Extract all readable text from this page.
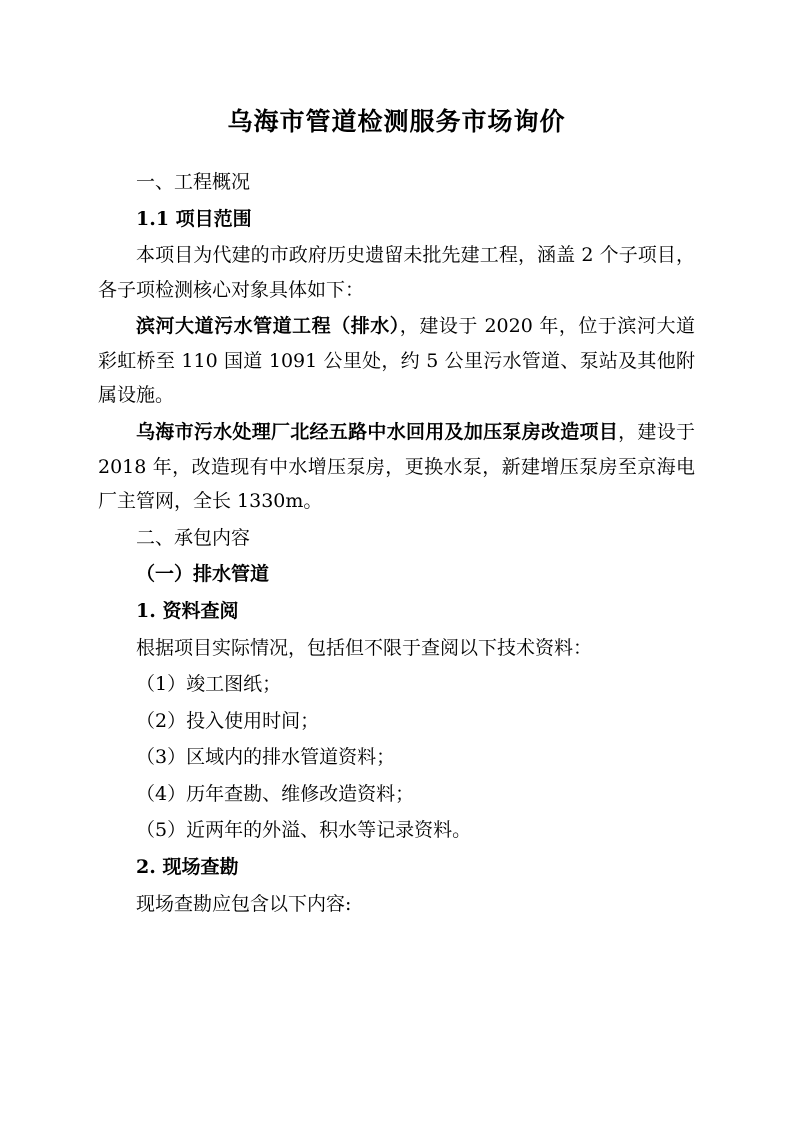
乌海市管道检测服务市场询价

一、工程概况

1.1 项目范围

本项目为代建的市政府历史遗留未批先建工程，涵盖 2 个子项目，各子项检测核心对象具体如下：

滨河大道污水管道工程（排水），建设于 2020 年，位于滨河大道彩虹桥至 110 国道 1091 公里处，约 5 公里污水管道、泵站及其他附属设施。

乌海市污水处理厂北经五路中水回用及加压泵房改造项目，建设于 2018 年，改造现有中水增压泵房，更换水泵，新建增压泵房至京海电厂主管网，全长 1330m。

二、承包内容

（一）排水管道

1. 资料查阅

根据项目实际情况，包括但不限于查阅以下技术资料：

（1）竣工图纸；

（2）投入使用时间；

（3）区域内的排水管道资料；

（4）历年查勘、维修改造资料；

（5）近两年的外溢、积水等记录资料。

2. 现场查勘

现场查勘应包含以下内容:
